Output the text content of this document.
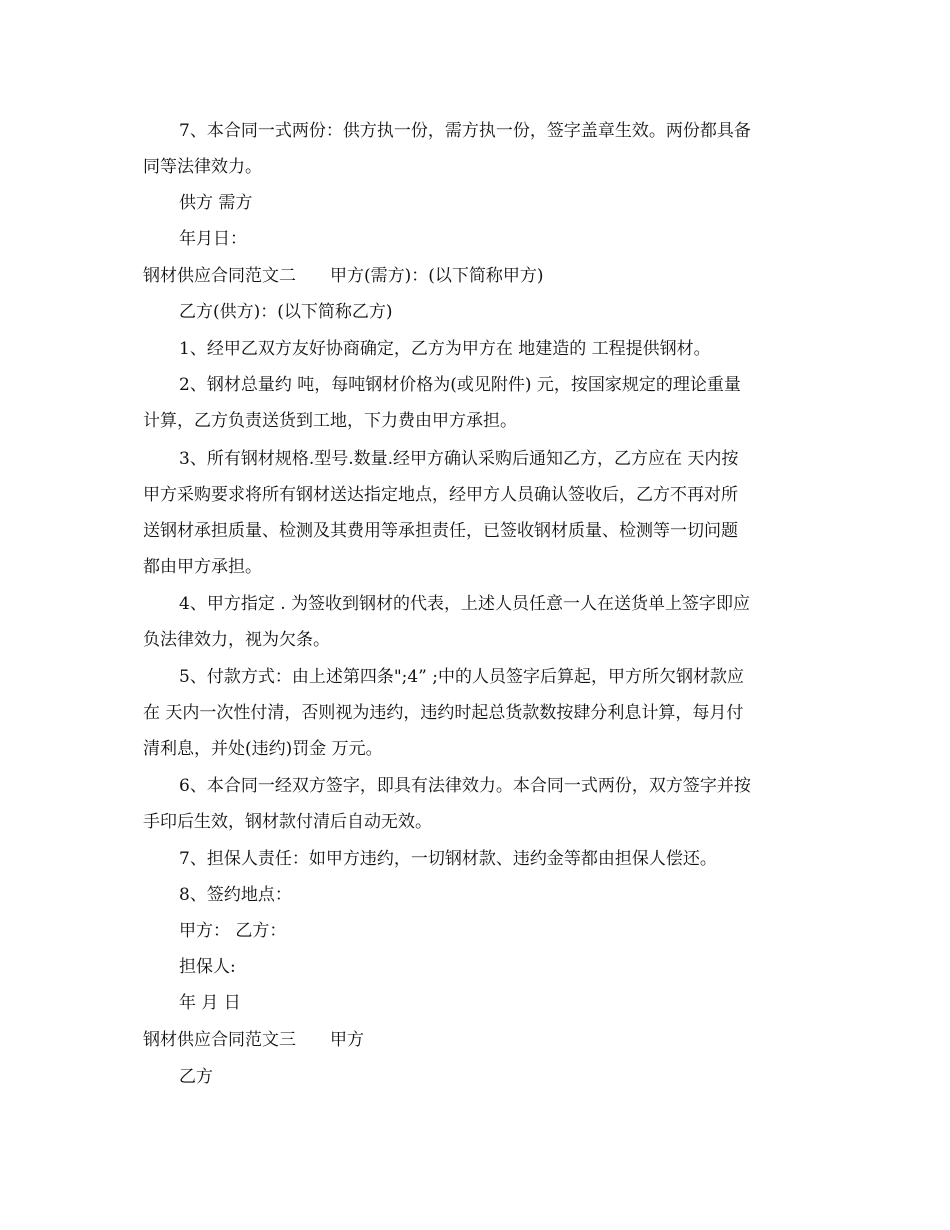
7、本合同一式两份：供方执一份，需方执一份，签字盖章生效。两份都具备
同等法律效力。
供方 需方
年月日：
钢材供应合同范文二 甲方(需方)：(以下简称甲方)
乙方(供方)：(以下简称乙方)
1、经甲乙双方友好协商确定，乙方为甲方在 地建造的 工程提供钢材。
2、钢材总量约 吨，每吨钢材价格为(或见附件) 元，按国家规定的理论重量
计算，乙方负责送货到工地，下力费由甲方承担。
3、所有钢材规格.型号.数量.经甲方确认采购后通知乙方，乙方应在 天内按
甲方采购要求将所有钢材送达指定地点，经甲方人员确认签收后，乙方不再对所
送钢材承担质量、检测及其费用等承担责任，已签收钢材质量、检测等一切问题
都由甲方承担。
4、甲方指定 . 为签收到钢材的代表，上述人员任意一人在送货单上签字即应
负法律效力，视为欠条。
5、付款方式：由上述第四条";4” ;中的人员签字后算起，甲方所欠钢材款应
在 天内一次性付清，否则视为违约，违约时起总货款数按肆分利息计算，每月付
清利息，并处(违约)罚金 万元。
6、本合同一经双方签字，即具有法律效力。本合同一式两份，双方签字并按
手印后生效，钢材款付清后自动无效。
7、担保人责任：如甲方违约，一切钢材款、违约金等都由担保人偿还。
8、签约地点：
甲方： 乙方：
担保人:
年 月 日
钢材供应合同范文三 甲方
乙方
